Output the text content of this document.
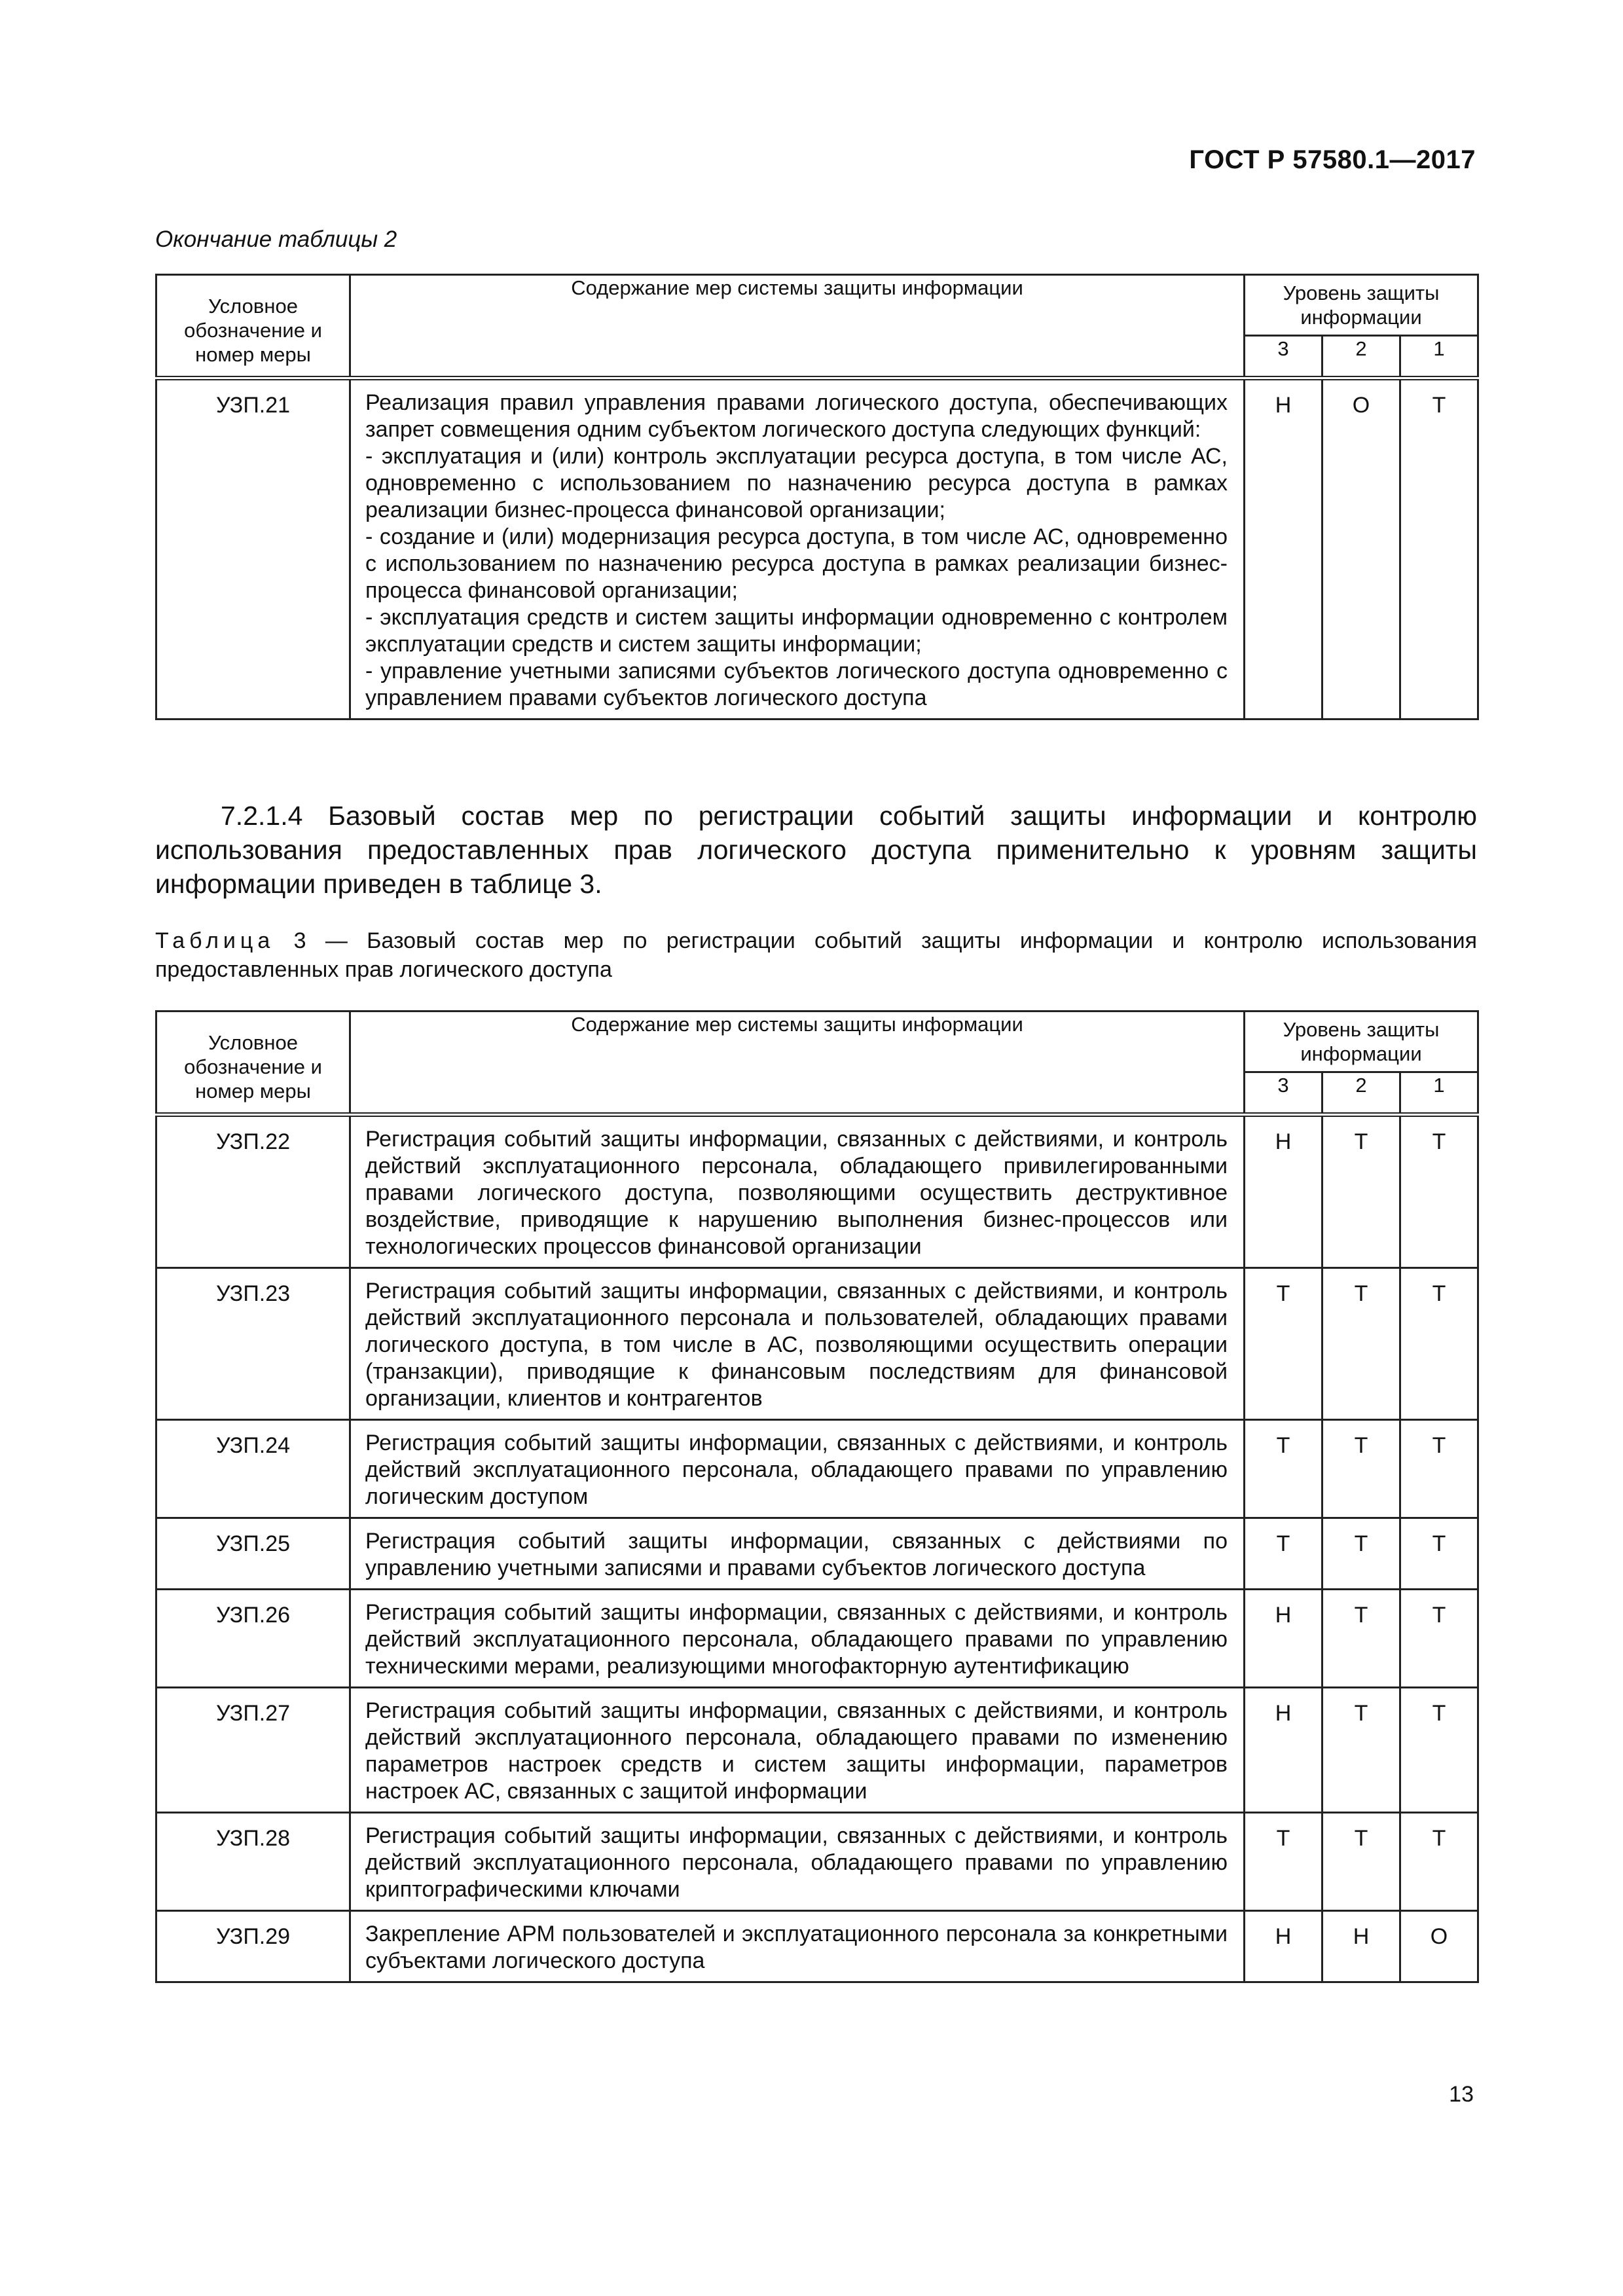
ГОСТ Р 57580.1—2017
Окончание таблицы 2
Условное обозначение и номер меры	Содержание мер системы защиты информации	Уровень защиты информации		
		3	2	1
УЗП.21	Реализация правил управления правами логического доступа, обеспечивающих запрет совмещения одним субъектом логического доступа следующих функций:
- эксплуатация и (или) контроль эксплуатации ресурса доступа, в том числе АС, одновременно с использованием по назначению ресурса доступа в рамках реализации бизнес-процесса финансовой организации;
- создание и (или) модернизация ресурса доступа, в том числе АС, одновременно с использованием по назначению ресурса доступа в рамках реализации бизнес-процесса финансовой организации;
- эксплуатация средств и систем защиты информации одновременно с контролем эксплуатации средств и систем защиты информации;
- управление учетными записями субъектов логического доступа одновременно с управлением правами субъектов логического доступа	Н	О	Т
7.2.1.4 Базовый состав мер по регистрации событий защиты информации и контролю использования предоставленных прав логического доступа применительно к уровням защиты информации приведен в таблице 3.
Таблица 3 — Базовый состав мер по регистрации событий защиты информации и контролю использования предоставленных прав логического доступа
Условное обозначение и номер меры	Содержание мер системы защиты информации	Уровень защиты информации		
		3	2	1
УЗП.22	Регистрация событий защиты информации, связанных с действиями, и контроль действий эксплуатационного персонала, обладающего привилегированными правами логического доступа, позволяющими осуществить деструктивное воздействие, приводящие к нарушению выполнения бизнес-процессов или технологических процессов финансовой организации	Н	Т	Т
УЗП.23	Регистрация событий защиты информации, связанных с действиями, и контроль действий эксплуатационного персонала и пользователей, обладающих правами логического доступа, в том числе в АС, позволяющими осуществить операции (транзакции), приводящие к финансовым последствиям для финансовой организации, клиентов и контрагентов	Т	Т	Т
УЗП.24	Регистрация событий защиты информации, связанных с действиями, и контроль действий эксплуатационного персонала, обладающего правами по управлению логическим доступом	Т	Т	Т
УЗП.25	Регистрация событий защиты информации, связанных с действиями по управлению учетными записями и правами субъектов логического доступа	Т	Т	Т
УЗП.26	Регистрация событий защиты информации, связанных с действиями, и контроль действий эксплуатационного персонала, обладающего правами по управлению техническими мерами, реализующими многофакторную аутентификацию	Н	Т	Т
УЗП.27	Регистрация событий защиты информации, связанных с действиями, и контроль действий эксплуатационного персонала, обладающего правами по изменению параметров настроек средств и систем защиты информации, параметров настроек АС, связанных с защитой информации	Н	Т	Т
УЗП.28	Регистрация событий защиты информации, связанных с действиями, и контроль действий эксплуатационного персонала, обладающего правами по управлению криптографическими ключами	Т	Т	Т
УЗП.29	Закрепление АРМ пользователей и эксплуатационного персонала за конкретными субъектами логического доступа	Н	Н	О
13
